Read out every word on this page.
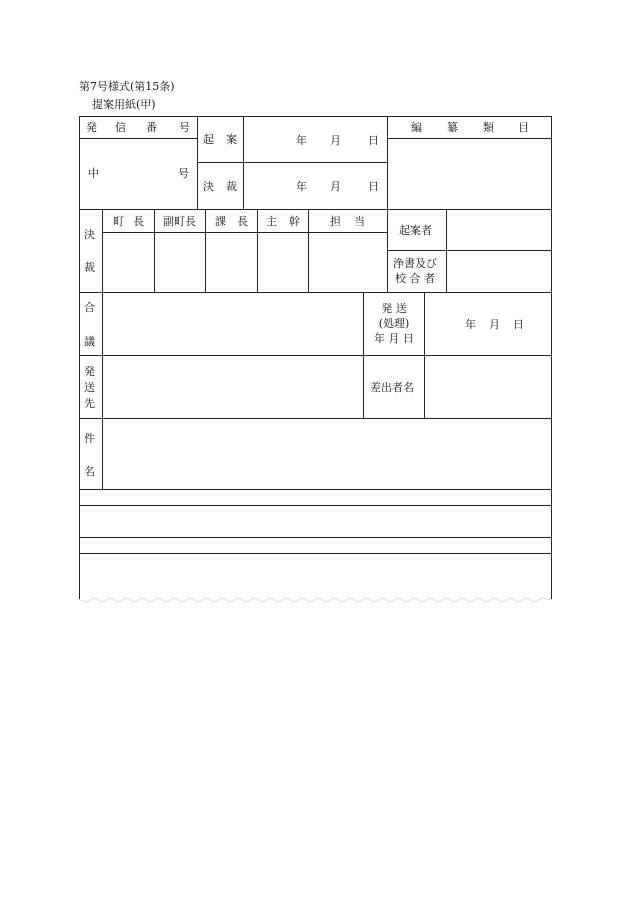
第7号様式(第15条)
提案用紙(甲)
発 信 番 号
中	号
起 案
決 裁
年 月 日
年 月 日
編 纂 類 目
決
裁
町 長 副町長 課 長 主 幹	担 当
起案者
浄書及び
校 合 者
合
議
発 送
(処理)
年 月 日
年 月 日
発
送
先
差出者名
件
名
